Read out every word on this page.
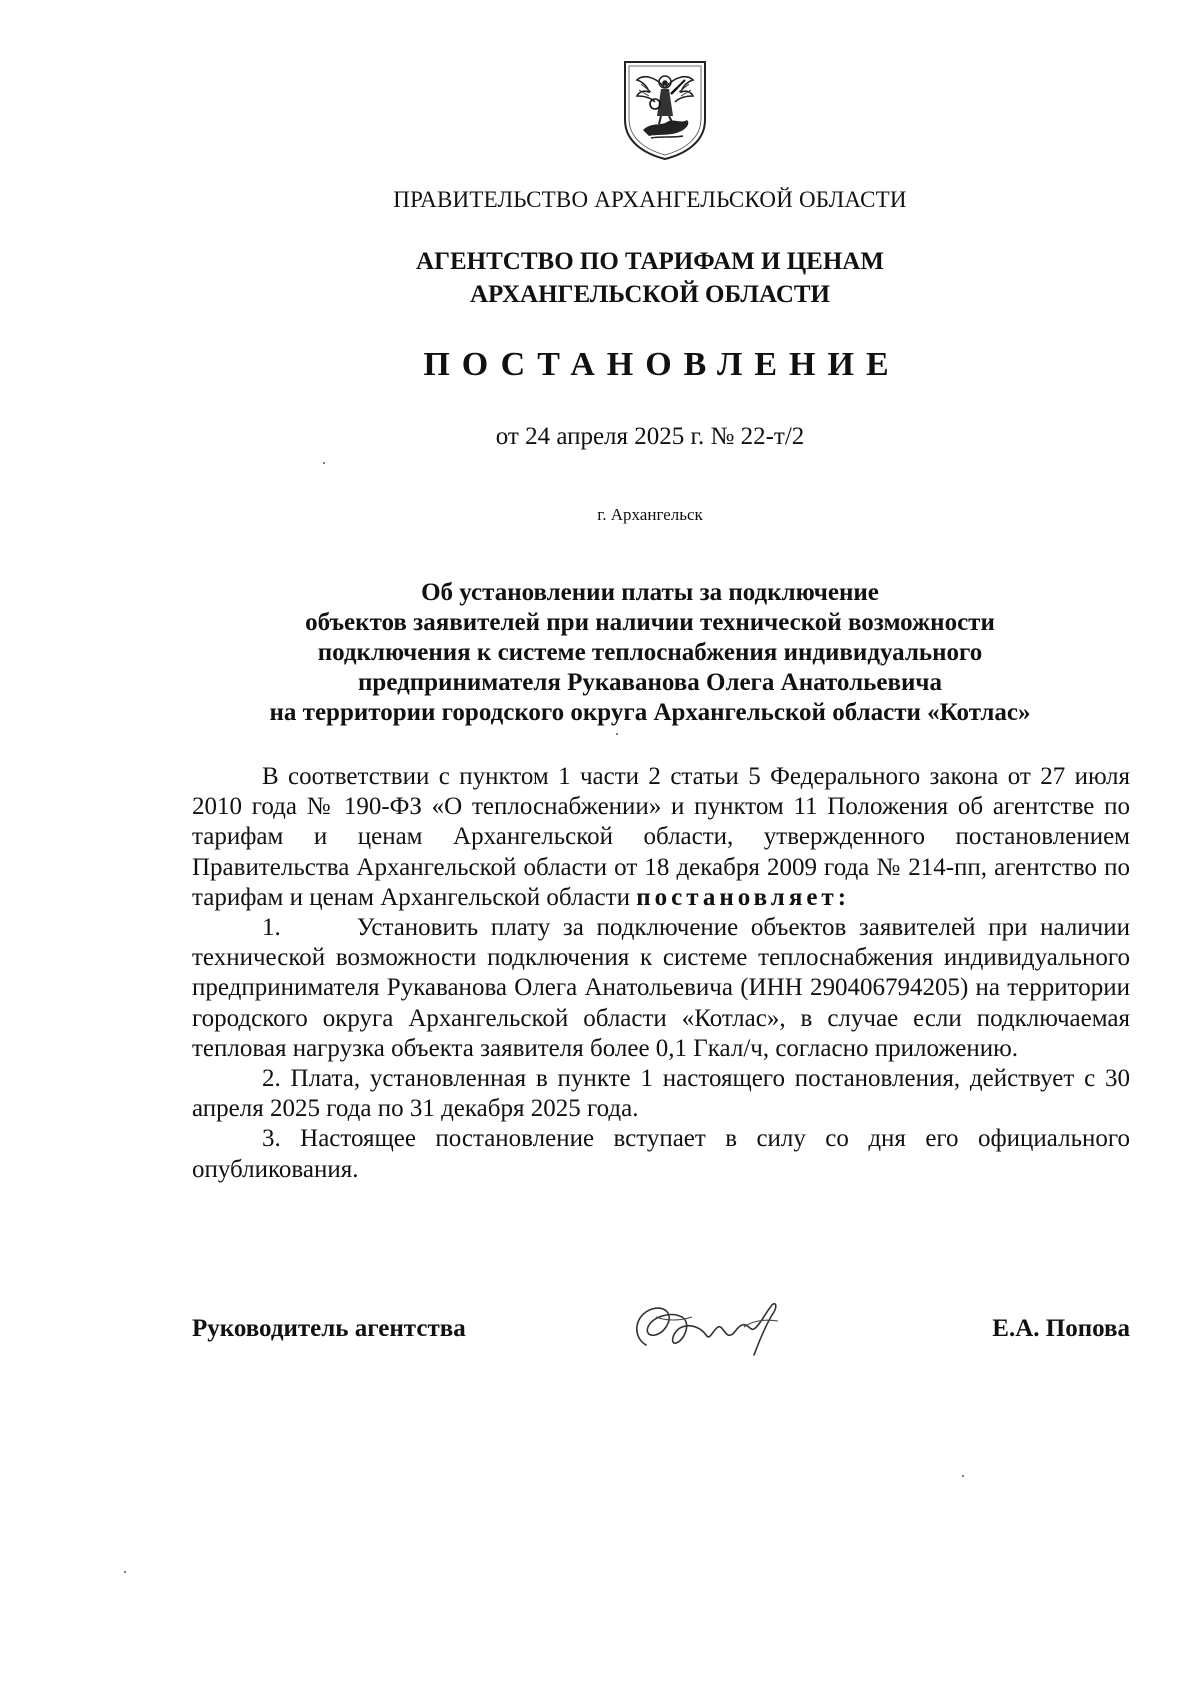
ПРАВИТЕЛЬСТВО АРХАНГЕЛЬСКОЙ ОБЛАСТИ
АГЕНТСТВО ПО ТАРИФАМ И ЦЕНАМ
АРХАНГЕЛЬСКОЙ ОБЛАСТИ
ПОСТАНОВЛЕНИЕ
от 24 апреля 2025 г. № 22-т/2
г. Архангельск
Об установлении платы за подключение
объектов заявителей при наличии технической возможности
подключения к системе теплоснабжения индивидуального
предпринимателя Рукаванова Олега Анатольевича
на территории городского округа Архангельской области «Котлас»

В соответствии с пунктом 1 части 2 статьи 5 Федерального закона от 27 июля 2010 года № 190-ФЗ «О теплоснабжении» и пунктом 11 Положения об агентстве по тарифам и ценам Архангельской области, утвержденного постановлением Правительства Архангельской области от 18 декабря 2009 года № 214-пп, агентство по тарифам и ценам Архангельской области постановляет:

1.	Установить плату за подключение объектов заявителей при наличии технической возможности подключения к системе теплоснабжения индивидуального предпринимателя Рукаванова Олега Анатольевича (ИНН 290406794205) на территории городского округа Архангельской области «Котлас», в случае если подключаемая тепловая нагрузка объекта заявителя более 0,1 Гкал/ч, согласно приложению.

2. Плата, установленная в пункте 1 настоящего постановления, действует с 30 апреля 2025 года по 31 декабря 2025 года.

3. Настоящее постановление вступает в силу со дня его официального опубликования.

Руководитель агентства	Е.А. Попова
